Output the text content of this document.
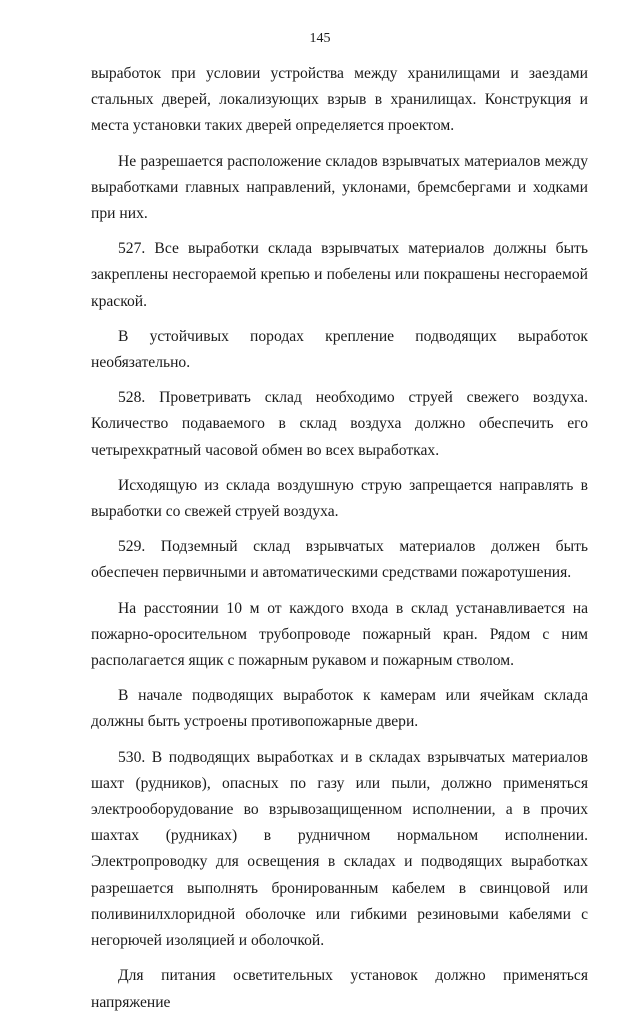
145

выработок при условии устройства между хранилищами и заездами стальных дверей, локализующих взрыв в хранилищах. Конструкция и места установки таких дверей определяется проектом.

Не разрешается расположение складов взрывчатых материалов между выработками главных направлений, уклонами, бремсбергами и ходками при них.

527. Все выработки склада взрывчатых материалов должны быть закреплены несгораемой крепью и побелены или покрашены несгораемой краской.

В устойчивых породах крепление подводящих выработок необязательно.

528. Проветривать склад необходимо струей свежего воздуха. Количество подаваемого в склад воздуха должно обеспечить его четырехкратный часовой обмен во всех выработках.

Исходящую из склада воздушную струю запрещается направлять в выработки со свежей струей воздуха.

529. Подземный склад взрывчатых материалов должен быть обеспечен первичными и автоматическими средствами пожаротушения.

На расстоянии 10 м от каждого входа в склад устанавливается на пожарно-оросительном трубопроводе пожарный кран. Рядом с ним располагается ящик с пожарным рукавом и пожарным стволом.

В начале подводящих выработок к камерам или ячейкам склада должны быть устроены противопожарные двери.

530. В подводящих выработках и в складах взрывчатых материалов шахт (рудников), опасных по газу или пыли, должно применяться электрооборудование во взрывозащищенном исполнении, а в прочих шахтах (рудниках) в рудничном нормальном исполнении. Электропроводку для освещения в складах и подводящих выработках разрешается выполнять бронированным кабелем в свинцовой или поливинилхлоридной оболочке или гибкими резиновыми кабелями с негорючей изоляцией и оболочкой.

Для питания осветительных установок должно применяться напряжение
